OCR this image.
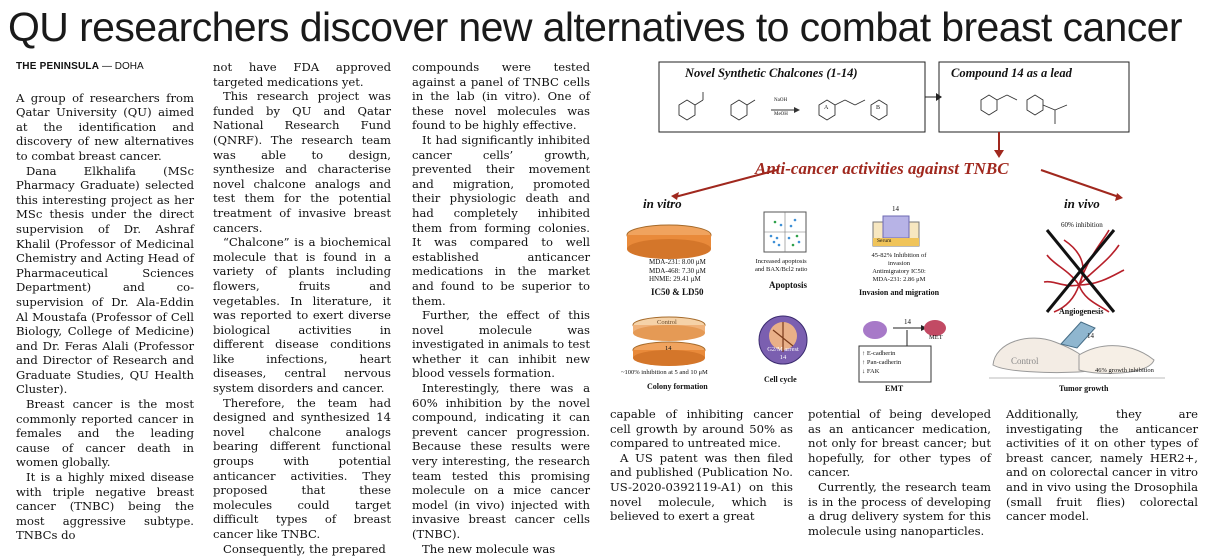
QU researchers discover new alternatives to combat breast cancer

THE PENINSULA — DOHA

A group of researchers from Qatar University (QU) aimed at the identification and discovery of new alternatives to combat breast cancer.

Dana Elkhalifa (MSc Pharmacy Graduate) selected this interesting project as her MSc thesis under the direct supervision of Dr. Ashraf Khalil (Professor of Medicinal Chemistry and Acting Head of Pharmaceutical Sciences Department) and co-supervision of Dr. Ala-Eddin Al Moustafa (Professor of Cell Biology, College of Medicine) and Dr. Feras Alali (Professor and Director of Research and Graduate Studies, QU Health Cluster).

Breast cancer is the most commonly reported cancer in females and the leading cause of cancer death in women globally.

It is a highly mixed disease with triple negative breast cancer (TNBC) being the most aggressive subtype. TNBCs do

not have FDA approved targeted medications yet.

This research project was funded by QU and Qatar National Research Fund (QNRF). The research team was able to design, synthesize and characterise novel chalcone analogs and test them for the potential treatment of invasive breast cancers.

“Chalcone” is a biochemical molecule that is found in a variety of plants including flowers, fruits and vegetables. In literature, it was reported to exert diverse biological activities in different disease conditions like infections, heart diseases, central nervous system disorders and cancer.

Therefore, the team had designed and synthesized 14 novel chalcone analogs bearing different functional groups with potential anticancer activities. They proposed that these molecules could target difficult types of breast cancer like TNBC.

Consequently, the prepared

compounds were tested against a panel of TNBC cells in the lab (in vitro). One of these novel molecules was found to be highly effective.

It had significantly inhibited cancer cells’ growth, prevented their movement and migration, promoted their physiologic death and had completely inhibited them from forming colonies. It was compared to well established anticancer medications in the market and found to be superior to them.

Further, the effect of this novel molecule was investigated in animals to test whether it can inhibit new blood vessels formation.

Interestingly, there was a 60% inhibition by the novel compound, indicating it can prevent cancer progression. Because these results were very interesting, the research team tested this promising molecule on a mice cancer model (in vivo) injected with invasive breast cancer cells (TNBC).

The new molecule was

capable of inhibiting cancer cell growth by around 50% as compared to untreated mice.

A US patent was then filed and published (Publication No. US-2020-0392119-A1) on this novel molecule, which is believed to exert a great

potential of being developed as an anticancer medication, not only for breast cancer; but hopefully, for other types of cancer.

Currently, the research team is in the process of developing a drug delivery system for this molecule using nanoparticles.

Additionally, they are investigating the anticancer activities of it on other types of breast cancer, namely HER2+, and on colorectal cancer in vitro and in vivo using the Drosophila (small fruit flies) colorectal cancer model.

Novel Synthetic Chalcones (1-14)	Compound 14 as a lead
NaOH
MeOH
A	B
Anti-cancer activities against TNBC
in vitro	in vivo
MDA-231: 8.00 μM
MDA-468: 7.30 μM
HNME: 29.41 μM
IC50 & LD50
Increased apoptosis
and BAX/Bcl2 ratio
Apoptosis
14
Serum
45-82% Inhibition of
invasion
Antimigratory IC50:
MDA-231: 2.86 μM
Invasion and migration
60% inhibition
Angiogenesis
Control
14
~100% inhibition at 5 and 10 μM
Colony formation
G2/M arrest
14
Cell cycle
14
MET
↑ E-cadherin
↑ Pan-cadherin
↓ FAK
EMT
Control
14
46% growth inhibition
Tumor growth
